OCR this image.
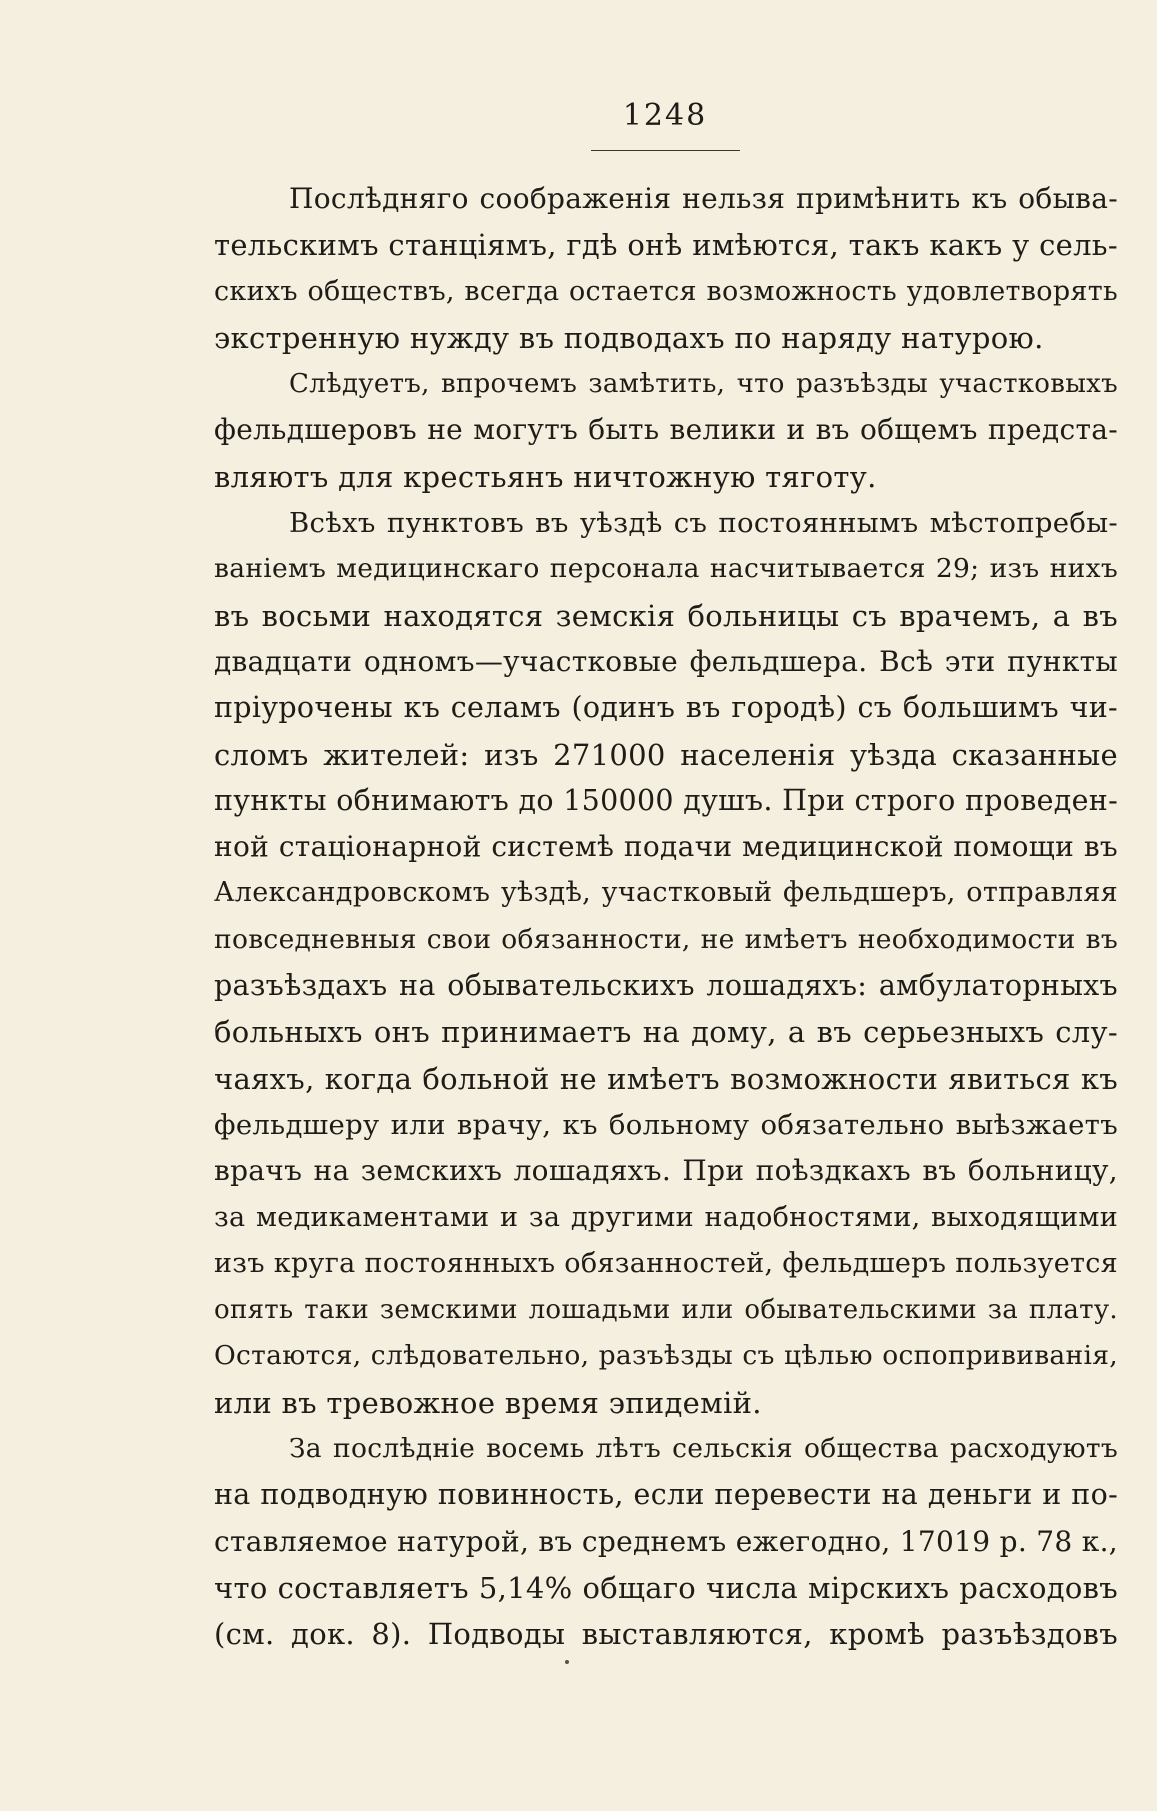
1248
Послѣдняго соображенія нельзя примѣнить къ обыва-
тельскимъ станціямъ, гдѣ онѣ имѣются, такъ какъ у сель-
скихъ обществъ, всегда остается возможность удовлетворять
экстренную нужду въ подводахъ по наряду натурою.
Слѣдуетъ, впрочемъ замѣтить, что разъѣзды участковыхъ
фельдшеровъ не могутъ быть велики и въ общемъ предста-
вляютъ для крестьянъ ничтожную тяготу.
Всѣхъ пунктовъ въ уѣздѣ съ постояннымъ мѣстопребы-
ваніемъ медицинскаго персонала насчитывается 29; изъ нихъ
въ восьми находятся земскія больницы съ врачемъ, а въ
двадцати одномъ—участковые фельдшера. Всѣ эти пункты
пріурочены къ селамъ (одинъ въ городѣ) съ большимъ чи-
сломъ жителей: изъ 271000 населенія уѣзда сказанные
пункты обнимаютъ до 150000 душъ. При строго проведен-
ной стаціонарной системѣ подачи медицинской помощи въ
Александровскомъ уѣздѣ, участковый фельдшеръ, отправляя
повседневныя свои обязанности, не имѣетъ необходимости въ
разъѣздахъ на обывательскихъ лошадяхъ: амбулаторныхъ
больныхъ онъ принимаетъ на дому, а въ серьезныхъ слу-
чаяхъ, когда больной не имѣетъ возможности явиться къ
фельдшеру или врачу, къ больному обязательно выѣзжаетъ
врачъ на земскихъ лошадяхъ. При поѣздкахъ въ больницу,
за медикаментами и за другими надобностями, выходящими
изъ круга постоянныхъ обязанностей, фельдшеръ пользуется
опять таки земскими лошадьми или обывательскими за плату.
Остаются, слѣдовательно, разъѣзды съ цѣлью оспопрививанія,
или въ тревожное время эпидемій.
За послѣдніе восемь лѣтъ сельскія общества расходуютъ
на подводную повинность, если перевести на деньги и по-
ставляемое натурой, въ среднемъ ежегодно, 17019 р. 78 к.,
что составляетъ 5,14% общаго числа мірскихъ расходовъ
(см. док. 8). Подводы выставляются, кромѣ разъѣздовъ
